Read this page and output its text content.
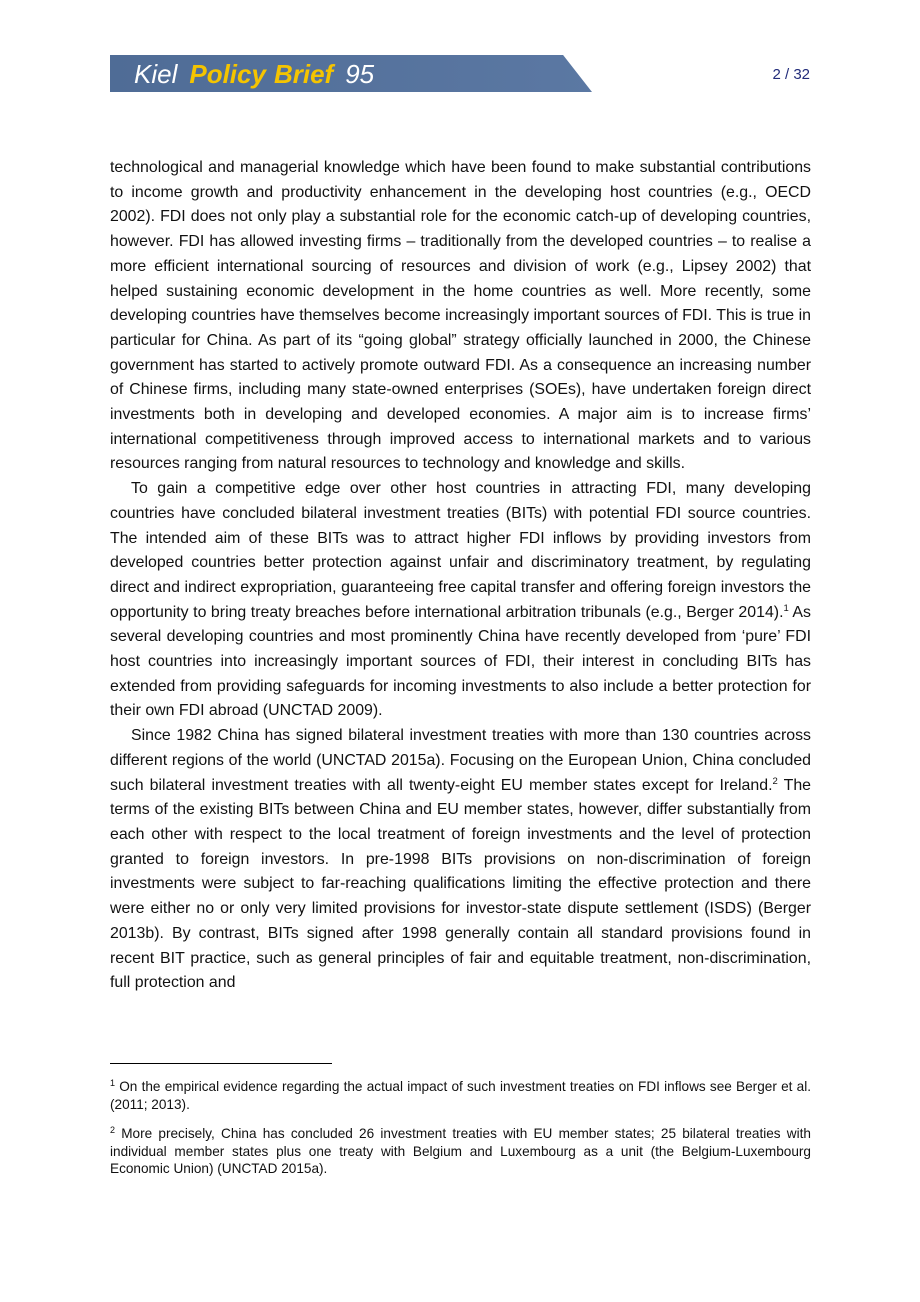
Kiel Policy Brief 95	2 / 32

technological and managerial knowledge which have been found to make substantial contributions to income growth and productivity enhancement in the developing host countries (e.g., OECD 2002). FDI does not only play a substantial role for the economic catch-up of developing countries, however. FDI has allowed investing firms – traditionally from the developed countries – to realise a more efficient international sourcing of resources and division of work (e.g., Lipsey 2002) that helped sustaining economic development in the home countries as well. More recently, some developing countries have themselves become increasingly important sources of FDI. This is true in particular for China. As part of its “going global” strategy officially launched in 2000, the Chinese government has started to actively promote outward FDI. As a consequence an increasing number of Chinese firms, including many state-owned enterprises (SOEs), have undertaken foreign direct investments both in developing and developed economies. A major aim is to increase firms’ international competitiveness through improved access to international markets and to various resources ranging from natural resources to technology and knowledge and skills.

To gain a competitive edge over other host countries in attracting FDI, many developing countries have concluded bilateral investment treaties (BITs) with potential FDI source countries. The intended aim of these BITs was to attract higher FDI inflows by providing investors from developed countries better protection against unfair and discriminatory treatment, by regulating direct and indirect expropriation, guaranteeing free capital transfer and offering foreign investors the opportunity to bring treaty breaches before international arbitration tribunals (e.g., Berger 2014).$^1$ As several developing countries and most prominently China have recently developed from ‘pure’ FDI host countries into increasingly important sources of FDI, their interest in concluding BITs has extended from providing safeguards for incoming investments to also include a better protection for their own FDI abroad (UNCTAD 2009).

Since 1982 China has signed bilateral investment treaties with more than 130 countries across different regions of the world (UNCTAD 2015a). Focusing on the European Union, China concluded such bilateral investment treaties with all twenty-eight EU member states except for Ireland.$^2$ The terms of the existing BITs between China and EU member states, however, differ substantially from each other with respect to the local treatment of foreign investments and the level of protection granted to foreign investors. In pre-1998 BITs provisions on non-discrimination of foreign investments were subject to far-reaching qualifications limiting the effective protection and there were either no or only very limited provisions for investor-state dispute settlement (ISDS) (Berger 2013b). By contrast, BITs signed after 1998 generally contain all standard provisions found in recent BIT practice, such as general principles of fair and equitable treatment, non-discrimination, full protection and

$^1$ On the empirical evidence regarding the actual impact of such investment treaties on FDI inflows see Berger et al. (2011; 2013).

$^2$ More precisely, China has concluded 26 investment treaties with EU member states; 25 bilateral treaties with individual member states plus one treaty with Belgium and Luxembourg as a unit (the Belgium-Luxembourg Economic Union) (UNCTAD 2015a).
